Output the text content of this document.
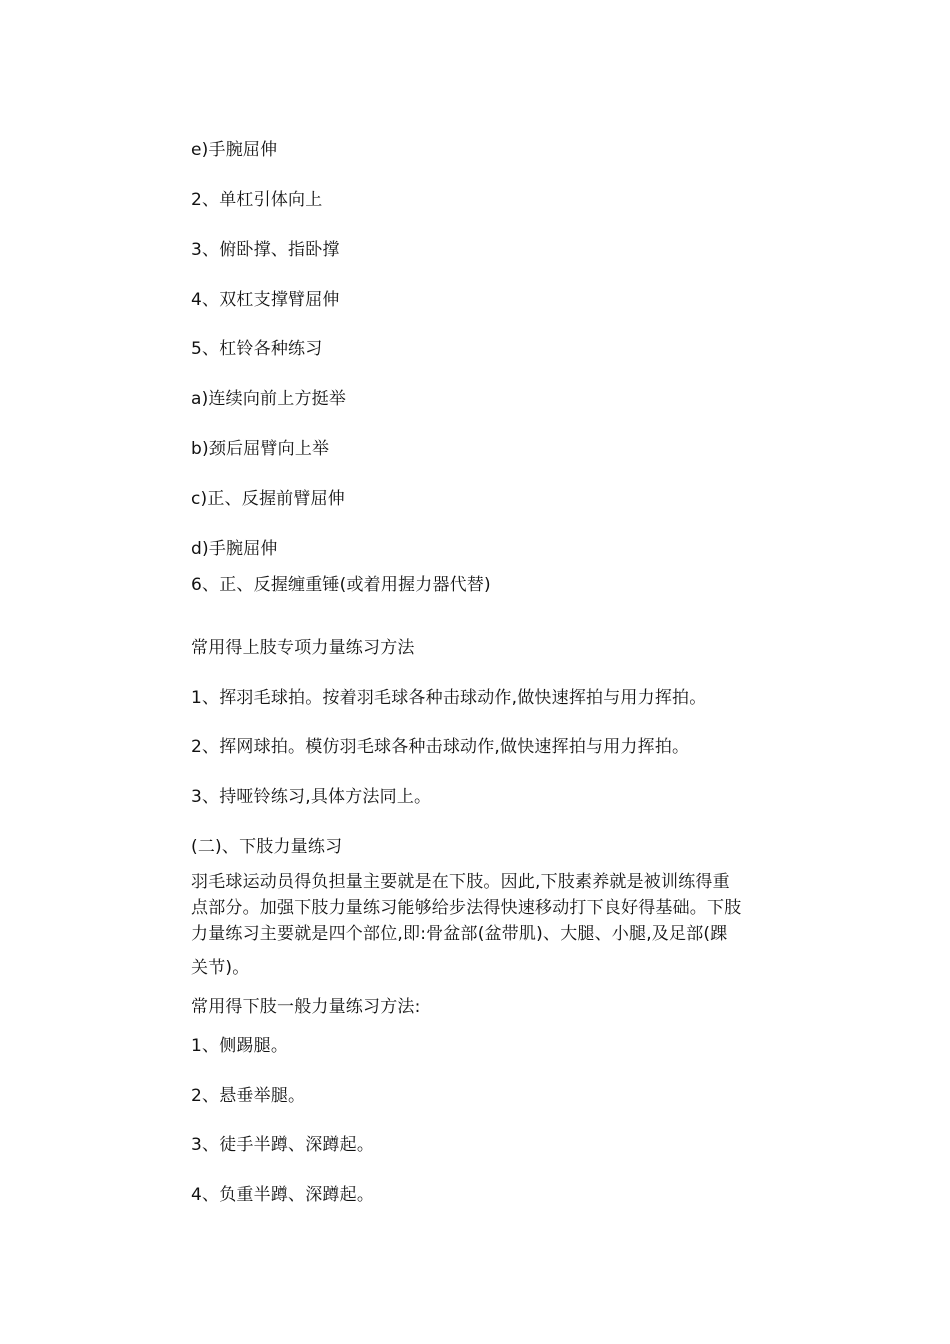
e)手腕屈伸
2、单杠引体向上
3、俯卧撑、指卧撑
4、双杠支撑臂屈伸
5、杠铃各种练习
a)连续向前上方挺举
b)颈后屈臂向上举
c)正、反握前臂屈伸
d)手腕屈伸
6、正、反握缠重锤(或着用握力器代替)
常用得上肢专项力量练习方法
1、挥羽毛球拍。按着羽毛球各种击球动作,做快速挥拍与用力挥拍。
2、挥网球拍。模仿羽毛球各种击球动作,做快速挥拍与用力挥拍。
3、持哑铃练习,具体方法同上。
(二)、下肢力量练习
羽毛球运动员得负担量主要就是在下肢。因此,下肢素养就是被训练得重
点部分。加强下肢力量练习能够给步法得快速移动打下良好得基础。下肢
力量练习主要就是四个部位,即:骨盆部(盆带肌)、大腿、小腿,及足部(踝
关节)。
常用得下肢一般力量练习方法:
1、侧踢腿。
2、悬垂举腿。
3、徒手半蹲、深蹲起。
4、负重半蹲、深蹲起。
